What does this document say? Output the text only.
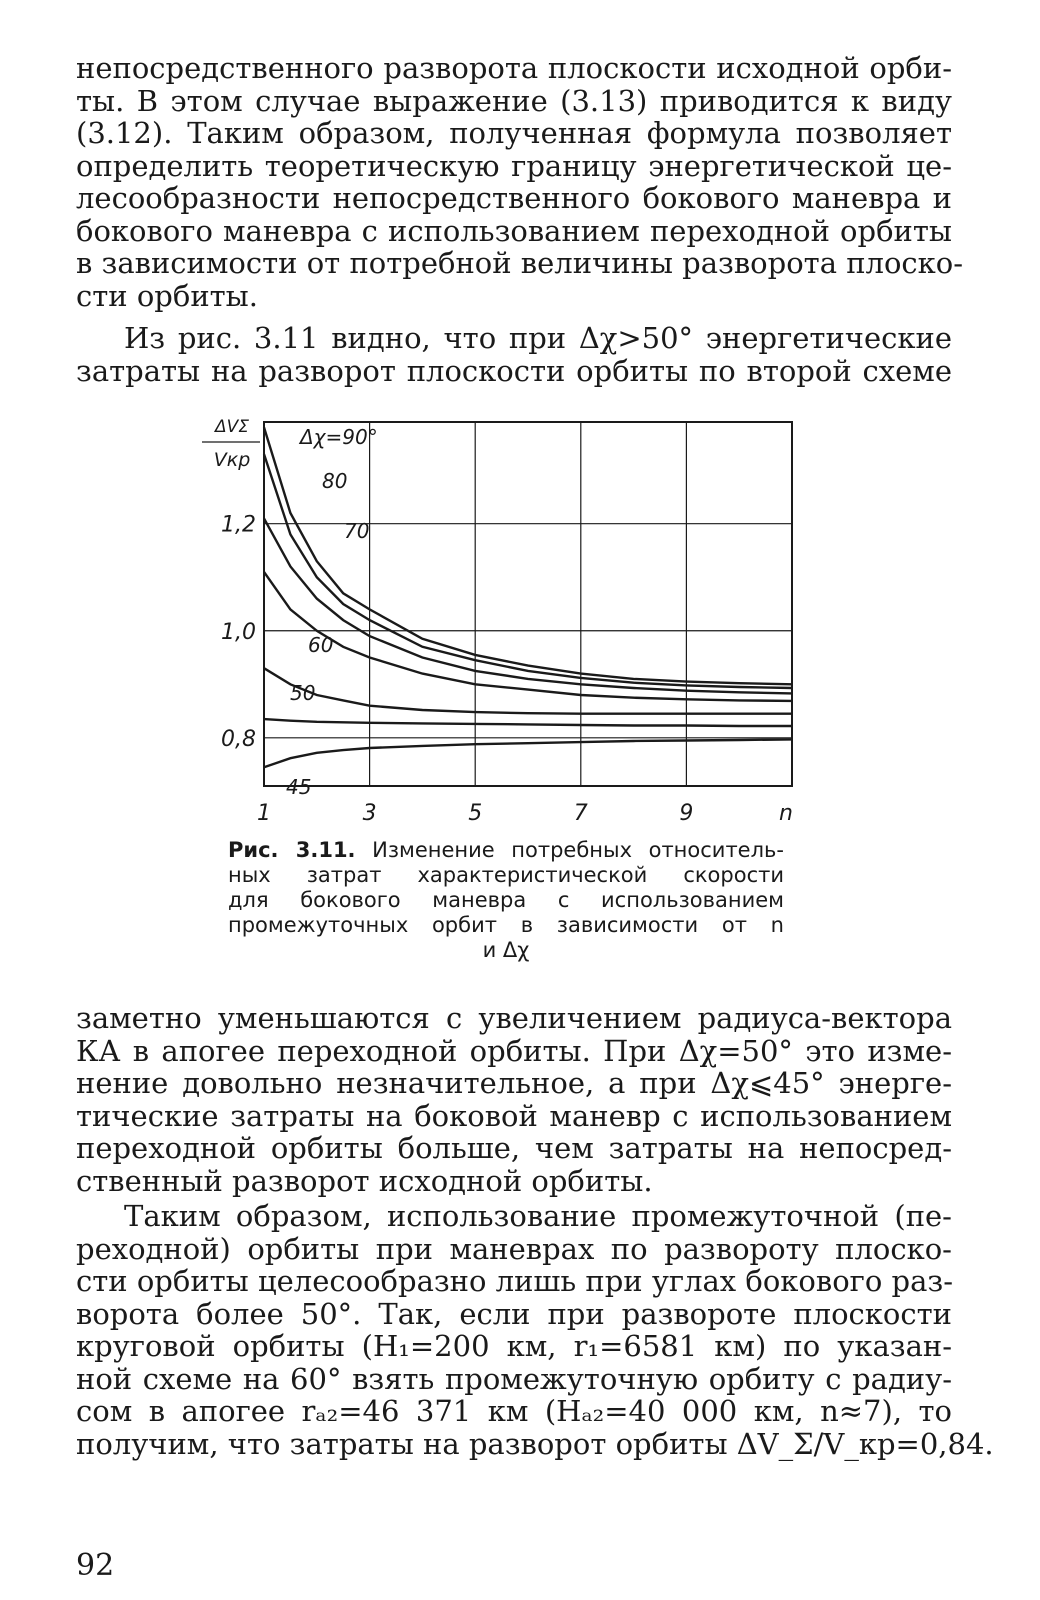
непосредственного разворота плоскости исходной орби-
ты. В этом случае выражение (3.13) приводится к виду
(3.12). Таким образом, полученная формула позволяет
определить теоретическую границу энергетической це-
лесообразности непосредственного бокового маневра и
бокового маневра с использованием переходной орбиты
в зависимости от потребной величины разворота плоско-
сти орбиты.

Из рис. 3.11 видно, что при Δχ>50° энергетические
затраты на разворот плоскости орбиты по второй схеме

1	3	5	7	9	n
0,8
1,0
1,2
ΔVΣ
Vкр
Δχ=90°
80
70
60
50
45
Рис. 3.11. Изменение потребных относитель-
ных затрат характеристической скорости
для бокового маневра с использованием
промежуточных орбит в зависимости от n
и Δχ

заметно уменьшаются с увеличением радиуса-вектора
КА в апогее переходной орбиты. При Δχ=50° это изме-
нение довольно незначительное, а при Δχ⩽45° энерге-
тические затраты на боковой маневр с использованием
переходной орбиты больше, чем затраты на непосред-
ственный разворот исходной орбиты.

Таким образом, использование промежуточной (пе-
реходной) орбиты при маневрах по развороту плоско-
сти орбиты целесообразно лишь при углах бокового раз-
ворота более 50°. Так, если при развороте плоскости
круговой орбиты (H₁=200 км, r₁=6581 км) по указан-
ной схеме на 60° взять промежуточную орбиту с радиу-
сом в апогее rₐ₂=46 371 км (Hₐ₂=40 000 км, n≈7), то
получим, что затраты на разворот орбиты ΔV_Σ/V_кр=0,84.

92
